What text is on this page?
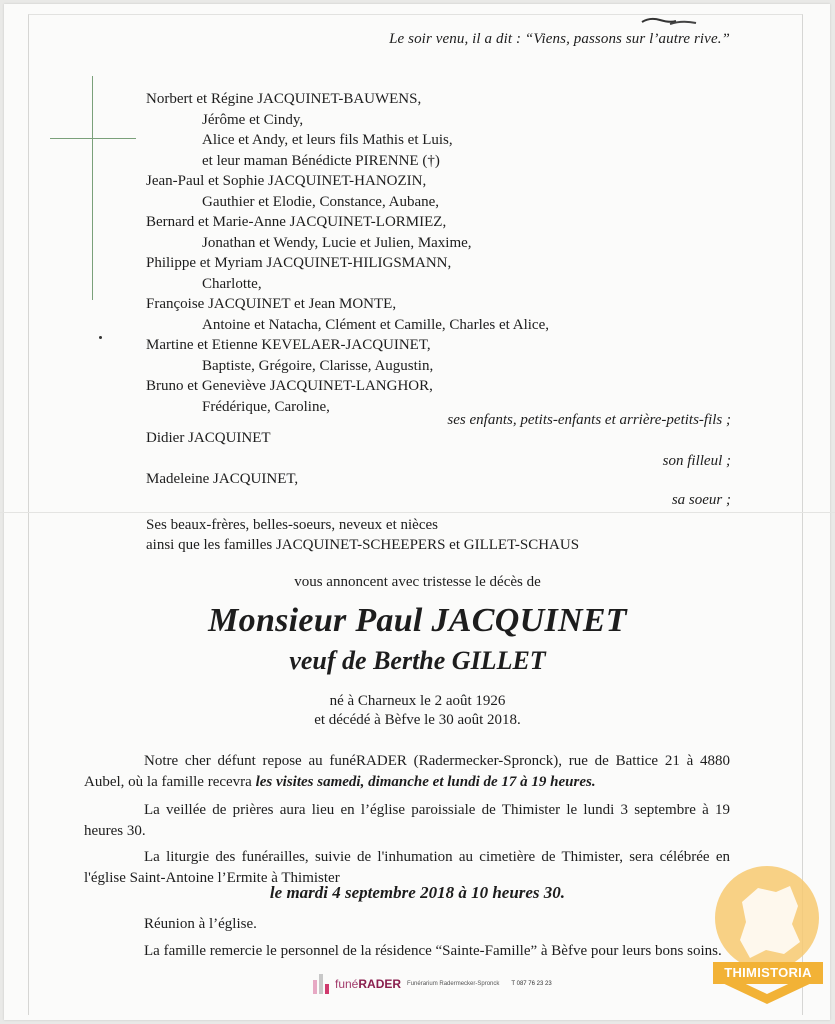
Le soir venu, il a dit : “Viens, passons sur l’autre rive.”
Norbert et Régine JACQUINET-BAUWENS,
Jérôme et Cindy,
Alice et Andy, et leurs fils Mathis et Luis,
et leur maman Bénédicte PIRENNE (†)
Jean-Paul et Sophie JACQUINET-HANOZIN,
Gauthier et Elodie, Constance, Aubane,
Bernard et Marie-Anne JACQUINET-LORMIEZ,
Jonathan et Wendy, Lucie et Julien, Maxime,
Philippe et Myriam JACQUINET-HILIGSMANN,
Charlotte,
Françoise JACQUINET et Jean MONTE,
Antoine et Natacha, Clément et Camille, Charles et Alice,
Martine et Etienne KEVELAER-JACQUINET,
Baptiste, Grégoire, Clarisse, Augustin,
Bruno et Geneviève JACQUINET-LANGHOR,
Frédérique, Caroline,
ses enfants, petits-enfants et arrière-petits-fils ;
Didier JACQUINET
son filleul ;
Madeleine JACQUINET,
sa soeur ;
Ses beaux-frères, belles-soeurs, neveux et nièces
ainsi que les familles JACQUINET-SCHEEPERS et GILLET-SCHAUS
vous annoncent avec tristesse le décès de
Monsieur Paul JACQUINET
veuf de Berthe GILLET
né à Charneux le 2 août 1926
et décédé à Bèfve le 30 août 2018.
Notre cher défunt repose au funéRADER (Radermecker-Spronck), rue de Battice 21 à 4880 Aubel, où la famille recevra les visites samedi, dimanche et lundi de 17 à 19 heures.
La veillée de prières aura lieu en l’église paroissiale de Thimister le lundi 3 septembre à 19 heures 30.
La liturgie des funérailles, suivie de l'inhumation au cimetière de Thimister, sera célébrée en l'église Saint-Antoine l’Ermite à Thimister
le mardi 4 septembre 2018 à 10 heures 30.
Réunion à l’église.
La famille remercie le personnel de la résidence “Sainte-Famille” à Bèfve pour leurs bons soins.
funéRADER Funérarium Radermecker-Spronck T 087 76 23 23
THIMISTORIA
